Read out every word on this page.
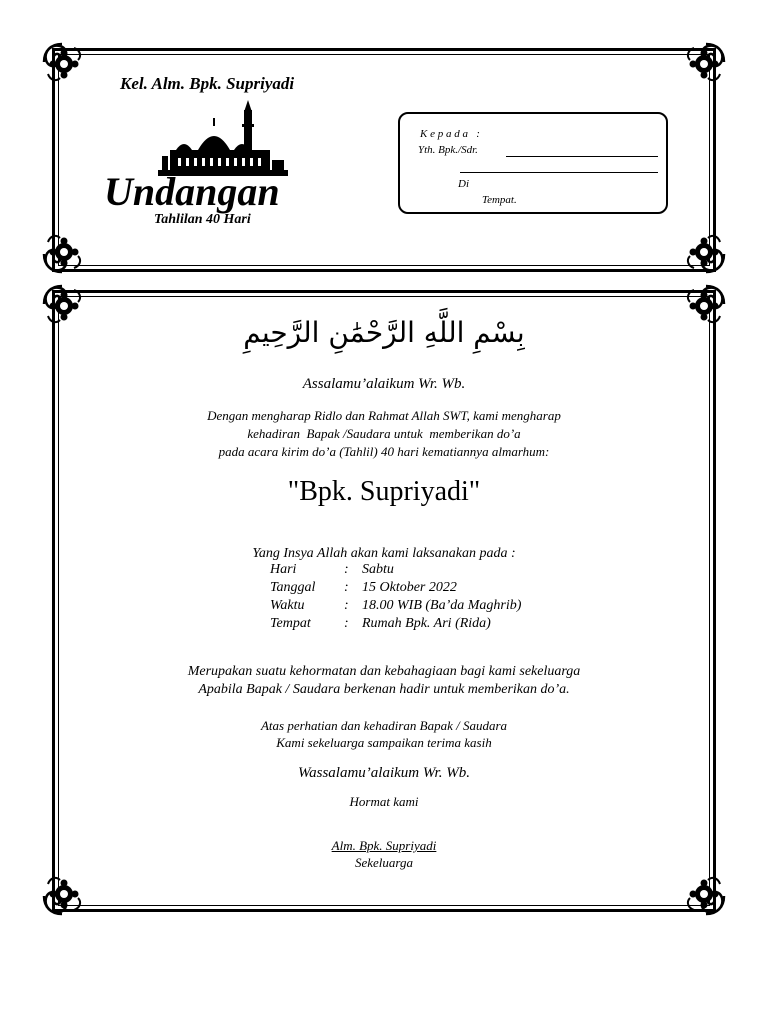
Kel. Alm. Bpk. Supriyadi
Undangan
Tahlilan 40 Hari
K e p a d a   :
Yth. Bpk./Sdr.
Di
Tempat.
بِسْمِ اللَّهِ الرَّحْمَٰنِ الرَّحِيمِ
Assalamu’alaikum Wr. Wb.
Dengan mengharap Ridlo dan Rahmat Allah SWT, kami mengharap
kehadiran  Bapak /Saudara untuk  memberikan do’a
pada acara kirim do’a (Tahlil) 40 hari kematiannya almarhum:
"Bpk. Supriyadi"
Yang Insya Allah akan kami laksanakan pada :
Hari	: Sabtu
Tanggal : 15 Oktober 2022
Waktu	: 18.00 WIB (Ba’da Maghrib)
Tempat : Rumah Bpk. Ari (Rida)
Merupakan suatu kehormatan dan kebahagiaan bagi kami sekeluarga
Apabila Bapak / Saudara berkenan hadir untuk memberikan do’a.
Atas perhatian dan kehadiran Bapak / Saudara
Kami sekeluarga sampaikan terima kasih
Wassalamu’alaikum Wr. Wb.
Hormat kami
Alm. Bpk. Supriyadi
Sekeluarga
